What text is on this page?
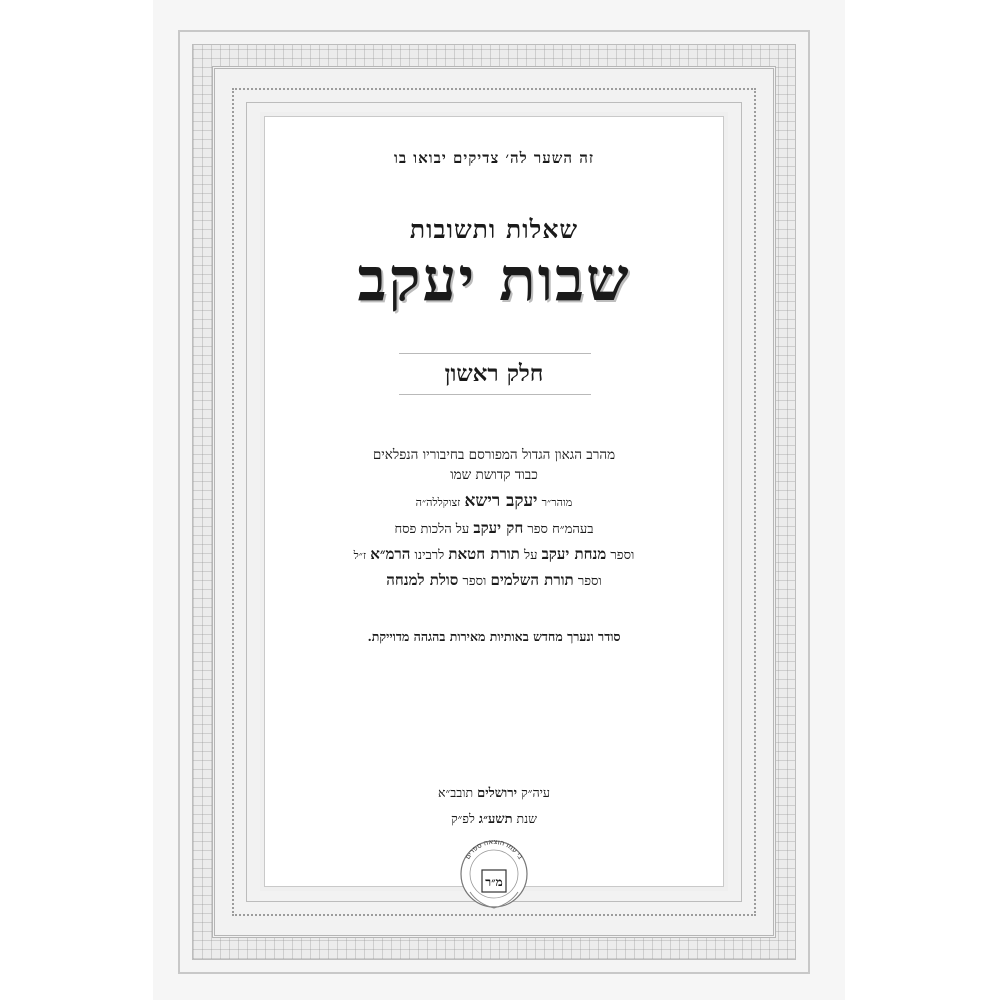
זה השער לה׳ צדיקים יבואו בו
שאלות ותשובות
שבות יעקב
חלק ראשון
מהרב הגאון הגדול המפורסם בחיבוריו הנפלאים
כבוד קדושת שמו
מוהר״ר יעקב רישא זצוקללה״ה
בעהמ״ח ספר חק יעקב על הלכות פסח
וספר מנחת יעקב על תורת חטאת לרבינו הרמ״א ז״ל
וספר תורת השלמים וספר סולת למנחה
סודר ונערך מחדש באותיות מאירות בהגהה מדוייקת.
עיה״ק ירושלים תובב״א
שנת תשע״ג לפ״ק
בי עמו הוצאה ספרים
מ״ר
